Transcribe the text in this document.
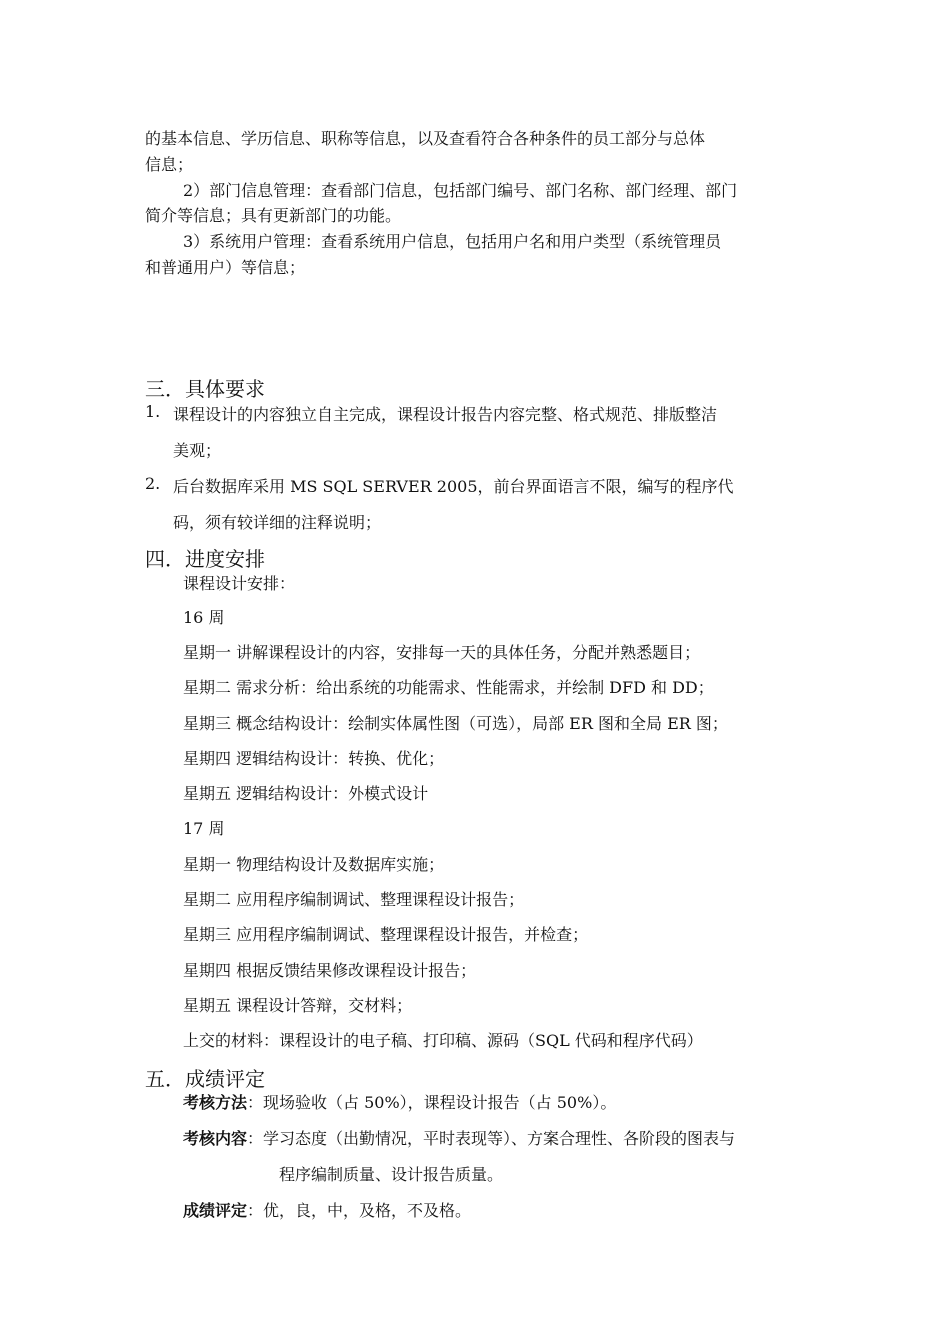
的基本信息、学历信息、职称等信息，以及查看符合各种条件的员工部分与总体
信息；
2）部门信息管理：查看部门信息，包括部门编号、部门名称、部门经理、部门
简介等信息；具有更新部门的功能。
3）系统用户管理：查看系统用户信息，包括用户名和用户类型（系统管理员
和普通用户）等信息；
三．具体要求
1. 课程设计的内容独立自主完成，课程设计报告内容完整、格式规范、排版整洁
美观；
2. 后台数据库采用 MS SQL SERVER 2005，前台界面语言不限，编写的程序代
码，须有较详细的注释说明；
四．进度安排
课程设计安排：
16 周
星期一 讲解课程设计的内容，安排每一天的具体任务，分配并熟悉题目；
星期二 需求分析：给出系统的功能需求、性能需求，并绘制 DFD 和 DD；
星期三 概念结构设计：绘制实体属性图（可选），局部 ER 图和全局 ER 图；
星期四 逻辑结构设计：转换、优化；
星期五 逻辑结构设计：外模式设计
17 周
星期一 物理结构设计及数据库实施；
星期二 应用程序编制调试、整理课程设计报告；
星期三 应用程序编制调试、整理课程设计报告，并检查；
星期四 根据反馈结果修改课程设计报告；
星期五 课程设计答辩，交材料；
上交的材料：课程设计的电子稿、打印稿、源码（SQL 代码和程序代码）
五．成绩评定
考核方法：现场验收（占 50%），课程设计报告（占 50%）。
考核内容：学习态度（出勤情况，平时表现等）、方案合理性、各阶段的图表与
程序编制质量、设计报告质量。
成绩评定：优，良，中，及格，不及格。
